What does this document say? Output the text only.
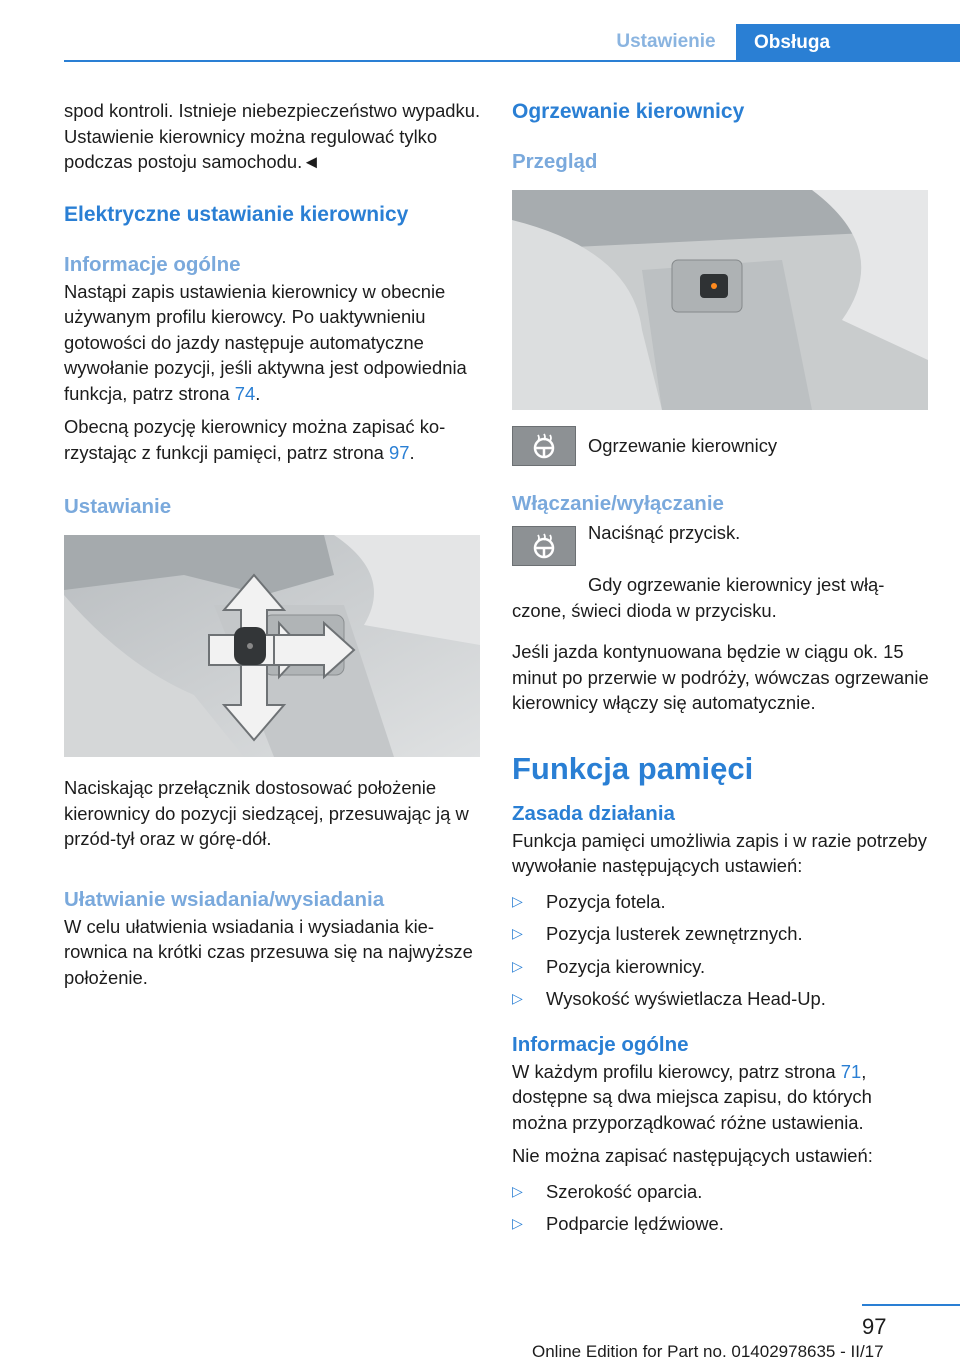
Ustawienie	Obsługa

spod kontroli. Istnieje niebezpieczeństwo wypadku. Ustawienie kierownicy można regulować tylko podczas postoju samochodu.◄

Elektryczne ustawianie kierownicy
Informacje ogólne

Nastąpi zapis ustawienia kierownicy w obecnie używanym profilu kierowcy. Po uaktywnieniu gotowości do jazdy następuje automatyczne wywołanie pozycji, jeśli aktywna jest odpowiednia funkcja, patrz strona 74.

Obecną pozycję kierownicy można zapisać korzystając z funkcji pamięci, patrz strona 97.

Ustawianie

Naciskając przełącznik dostosować położenie kierownicy do pozycji siedzącej, przesuwając ją w przód-tył oraz w górę-dół.

Ułatwianie wsiadania/wysiadania

W celu ułatwienia wsiadania i wysiadania kierownica na krótki czas przesuwa się na najwyższe położenie.

Ogrzewanie kierownicy
Przegląd
Ogrzewanie kierownicy
Włączanie/wyłączanie

Naciśnąć przycisk.

Gdy ogrzewanie kierownicy jest włączone, świeci dioda w przycisku.

Jeśli jazda kontynuowana będzie w ciągu ok. 15 minut po przerwie w podróży, wówczas ogrzewanie kierownicy włączy się automatycznie.

Funkcja pamięci
Zasada działania

Funkcja pamięci umożliwia zapis i w razie potrzeby wywołanie następujących ustawień:

▷	Pozycja fotela.
▷	Pozycja lusterek zewnętrznych.
▷	Pozycja kierownicy.
▷	Wysokość wyświetlacza Head-Up.
Informacje ogólne

W każdym profilu kierowcy, patrz strona 71, dostępne są dwa miejsca zapisu, do których można przyporządkować różne ustawienia.

Nie można zapisać następujących ustawień:

▷	Szerokość oparcia.
▷	Podparcie lędźwiowe.
97
Online Edition for Part no. 01402978635 - II/17
